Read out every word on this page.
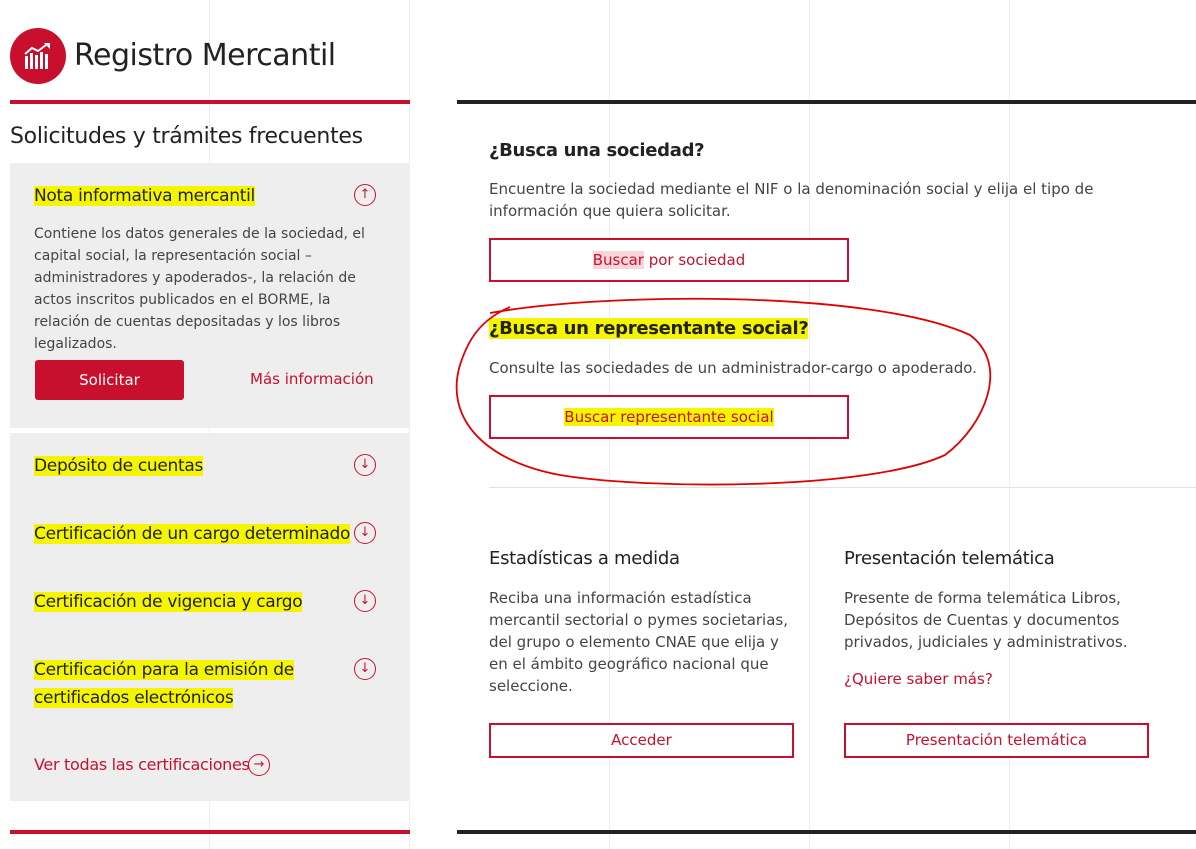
Registro Mercantil
Solicitudes y trámites frecuentes
Nota informativa mercantil	↑
Contiene los datos generales de la sociedad, el capital social, la representación social – administradores y apoderados-, la relación de actos inscritos publicados en el BORME, la relación de cuentas depositadas y los libros legalizados.
Solicitar	Más información
Depósito de cuentas	↓
Certificación de un cargo determinado ↓
Certificación de vigencia y cargo	↓
Certificación para la emisión de certificados electrónicos
↓
Ver todas las certificaciones →
¿Busca una sociedad?
Encuentre la sociedad mediante el NIF o la denominación social y elija el tipo de información que quiera solicitar.
Buscar por sociedad
¿Busca un representante social?
Consulte las sociedades de un administrador-cargo o apoderado.
Buscar representante social
Estadísticas a medida
Reciba una información estadística mercantil sectorial o pymes societarias, del grupo o elemento CNAE que elija y en el ámbito geográfico nacional que seleccione.
Acceder
Presentación telemática
Presente de forma telemática Libros, Depósitos de Cuentas y documentos privados, judiciales y administrativos.
¿Quiere saber más?
Presentación telemática
